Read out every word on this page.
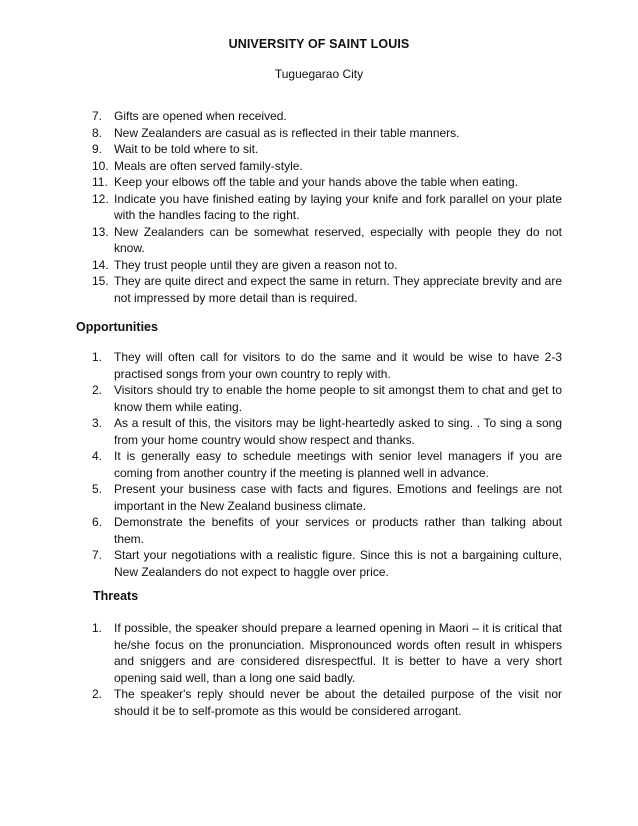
UNIVERSITY OF SAINT LOUIS
Tuguegarao City
7. Gifts are opened when received.
8. New Zealanders are casual as is reflected in their table manners.
9. Wait to be told where to sit.
10. Meals are often served family-style.
11. Keep your elbows off the table and your hands above the table when eating.
12. Indicate you have finished eating by laying your knife and fork parallel on your plate with the handles facing to the right.
13. New Zealanders can be somewhat reserved, especially with people they do not know.
14. They trust people until they are given a reason not to.
15. They are quite direct and expect the same in return. They appreciate brevity and are not impressed by more detail than is required.
Opportunities
1. They will often call for visitors to do the same and it would be wise to have 2-3 practised songs from your own country to reply with.
2. Visitors should try to enable the home people to sit amongst them to chat and get to know them while eating.
3. As a result of this, the visitors may be light-heartedly asked to sing. . To sing a song from your home country would show respect and thanks.
4. It is generally easy to schedule meetings with senior level managers if you are coming from another country if the meeting is planned well in advance.
5. Present your business case with facts and figures. Emotions and feelings are not important in the New Zealand business climate.
6. Demonstrate the benefits of your services or products rather than talking about them.
7. Start your negotiations with a realistic figure. Since this is not a bargaining culture, New Zealanders do not expect to haggle over price.
Threats
1. If possible, the speaker should prepare a learned opening in Maori – it is critical that he/she focus on the pronunciation. Mispronounced words often result in whispers and sniggers and are considered disrespectful. It is better to have a very short opening said well, than a long one said badly.
2. The speaker's reply should never be about the detailed purpose of the visit nor should it be to self-promote as this would be considered arrogant.
